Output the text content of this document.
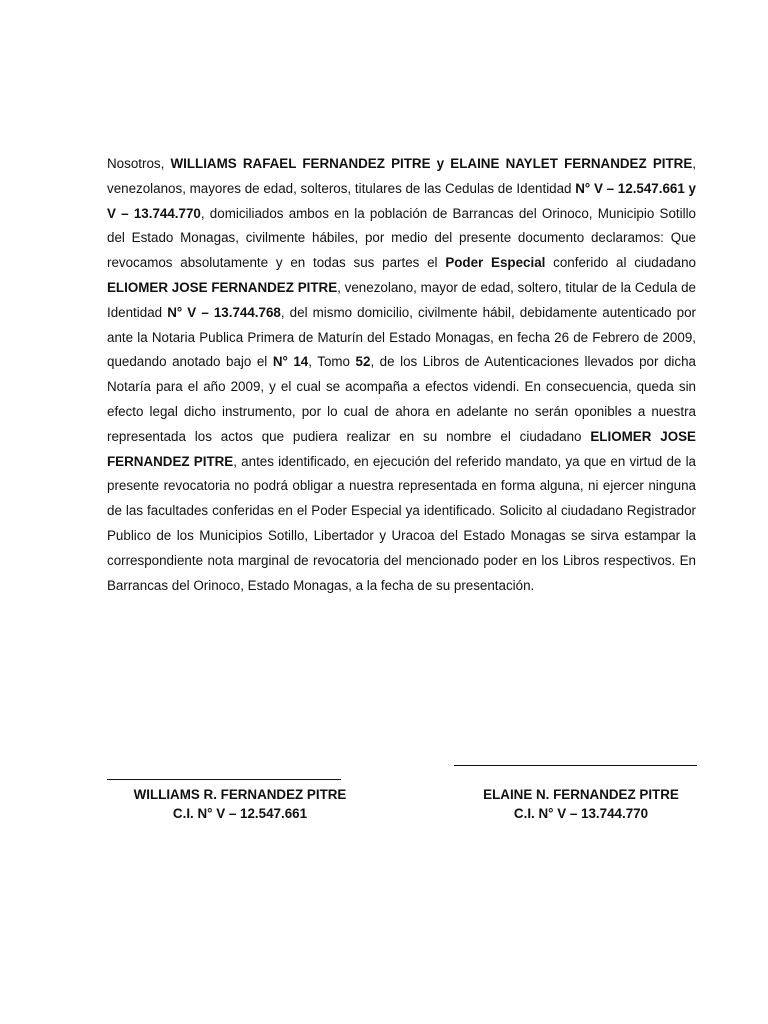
Nosotros, WILLIAMS RAFAEL FERNANDEZ PITRE y ELAINE NAYLET FERNANDEZ PITRE, venezolanos, mayores de edad, solteros, titulares de las Cedulas de Identidad N° V – 12.547.661 y V – 13.744.770, domiciliados ambos en la población de Barrancas del Orinoco, Municipio Sotillo del Estado Monagas, civilmente hábiles, por medio del presente documento declaramos: Que revocamos absolutamente y en todas sus partes el Poder Especial conferido al ciudadano ELIOMER JOSE FERNANDEZ PITRE, venezolano, mayor de edad, soltero, titular de la Cedula de Identidad N° V – 13.744.768, del mismo domicilio, civilmente hábil, debidamente autenticado por ante la Notaria Publica Primera de Maturín del Estado Monagas, en fecha 26 de Febrero de 2009, quedando anotado bajo el N° 14, Tomo 52, de los Libros de Autenticaciones llevados por dicha Notaría para el año 2009, y el cual se acompaña a efectos videndi. En consecuencia, queda sin efecto legal dicho instrumento, por lo cual de ahora en adelante no serán oponibles a nuestra representada los actos que pudiera realizar en su nombre el ciudadano ELIOMER JOSE FERNANDEZ PITRE, antes identificado, en ejecución del referido mandato, ya que en virtud de la presente revocatoria no podrá obligar a nuestra representada en forma alguna, ni ejercer ninguna de las facultades conferidas en el Poder Especial ya identificado. Solicito al ciudadano Registrador Publico de los Municipios Sotillo, Libertador y Uracoa del Estado Monagas se sirva estampar la correspondiente nota marginal de revocatoria del mencionado poder en los Libros respectivos. En Barrancas del Orinoco, Estado Monagas, a la fecha de su presentación.
WILLIAMS R. FERNANDEZ PITRE
C.I. N° V – 12.547.661
ELAINE N. FERNANDEZ PITRE
C.I. N° V – 13.744.770
